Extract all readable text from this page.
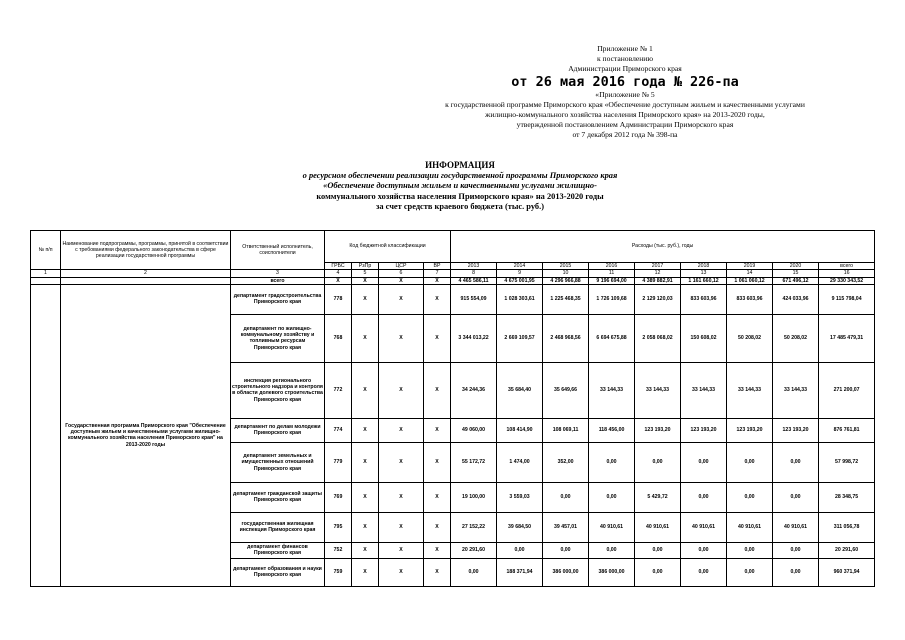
Приложение № 1
к постановлению
Администрации Приморского края
от 26 мая 2016 года № 226-па
«Приложение № 5
к государственной программе Приморского края «Обеспечение доступным жильем и качественными услугами жилищно-коммунального хозяйства населения Приморского края» на 2013-2020 годы,
утвержденной постановлением Администрации Приморского края
от 7 декабря 2012 года № 398-па
ИНФОРМАЦИЯ
о ресурсном обеспечении реализации государственной программы Приморского края
«Обеспечение доступным жильем и качественными услугами жилищно-
коммунального хозяйства населения Приморского края» на 2013-2020 годы
за счет средств краевого бюджета (тыс. руб.)
№ п/п	Наименование подпрограммы, программы, принятой в соответствии с требованиями федерального законодательства в сфере реализации государственной программы	Ответственный исполнитель, соисполнители	Код бюджетной классификации				Расходы (тыс. руб.), годы								
			ГРБС	РзПр	ЦСР	ВР	2013	2014	2015	2016	2017	2018	2019	2020	всего
1	2	3	4	5	6	7	8	9	10	11	12	13	14	15	16
		всего	X	X	X	X	4 465 586,11	4 675 001,95	4 296 966,88	9 196 694,00	4 389 882,91	1 161 660,12	1 061 060,12	671 496,12	29 330 343,52
	Государственная программа Приморского края "Обеспечение доступным жильем и качественными услугами жилищно-коммунального хозяйства населения Приморского края" на 2013-2020 годы	департамент градостроительства Приморского края	778	X	X	X	915 554,09	1 028 303,61	1 225 468,35	1 726 109,68	2 129 120,03	833 603,96	833 603,96	424 033,96	9 115 798,04
		департамент по жилищно-коммунальному хозяйству и топливным ресурсам Приморского края	768	X	X	X	3 344 013,22	2 669 109,57	2 468 968,56	6 694 675,88	2 058 068,02	150 608,02	50 208,02	50 208,02	17 485 479,31
		инспекция регионального строительного надзора и контроля в области долевого строительства Приморского края	772	X	X	X	34 244,36	35 684,40	35 649,66	33 144,33	33 144,33	33 144,33	33 144,33	33 144,33	271 200,07
		департамент по делам молодежи Приморского края	774	X	X	X	49 060,00	108 414,90	108 069,11	118 456,00	123 193,20	123 193,20	123 193,20	123 193,20	876 761,81
		департамент земельных и имущественных отношений Приморского края	779	X	X	X	55 172,72	1 474,00	352,00	0,00	0,00	0,00	0,00	0,00	57 998,72
		департамент гражданской защиты Приморского края	769	X	X	X	19 100,00	3 559,03	0,00	0,00	5 429,72	0,00	0,00	0,00	28 348,75
		государственная жилищная инспекция Приморского края	795	X	X	X	27 152,22	39 684,50	39 457,01	40 910,61	40 910,61	40 910,61	40 910,61	40 910,61	311 056,78
		департамент финансов Приморского края	752	X	X	X	20 291,60	0,00	0,00	0,00	0,00	0,00	0,00	0,00	20 291,60
		департамент образования и науки Приморского края	759	X	X	X	0,00	188 371,94	386 000,00	386 000,00	0,00	0,00	0,00	0,00	960 371,94
